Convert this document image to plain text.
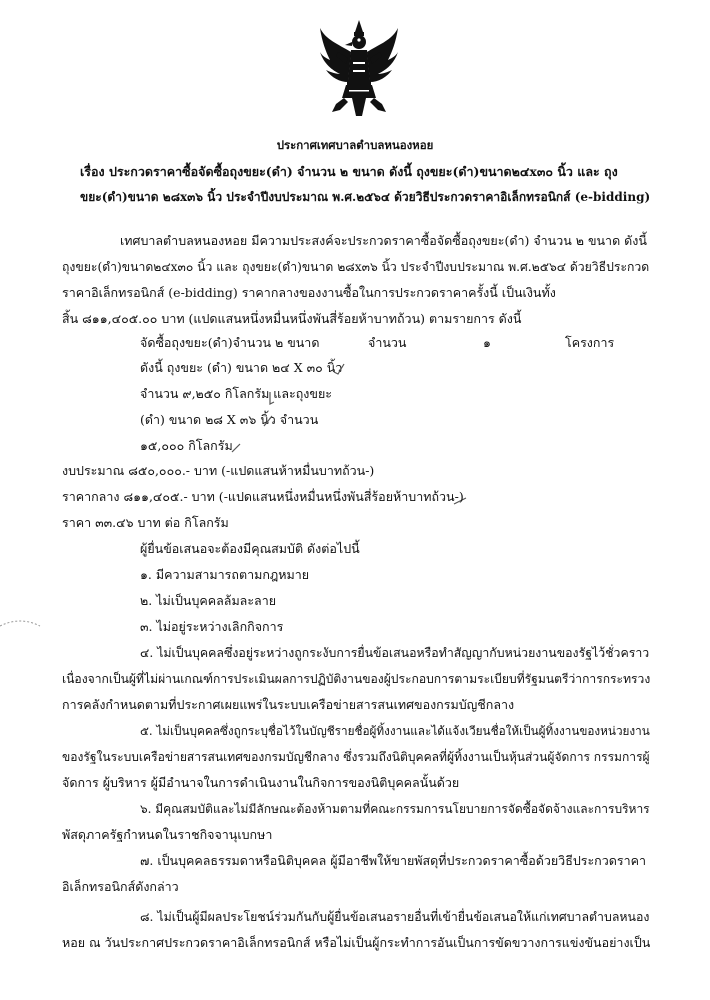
ประกาศเทศบาลตำบลหนองหอย
เรื่อง ประกวดราคาซื้อจัดซื้อถุงขยะ(ดำ) จำนวน ๒ ขนาด ดังนี้ ถุงขยะ(ดำ)ขนาด๒๔x๓๐ นิ้ว และ ถุง
ขยะ(ดำ)ขนาด ๒๘x๓๖ นิ้ว ประจำปีงบประมาณ พ.ศ.๒๕๖๔ ด้วยวิธีประกวดราคาอิเล็กทรอนิกส์ (e-bidding)
เทศบาลตำบลหนองหอย มีความประสงค์จะประกวดราคาซื้อจัดซื้อถุงขยะ(ดำ) จำนวน ๒ ขนาด ดังนี้
ถุงขยะ(ดำ)ขนาด๒๔x๓๐ นิ้ว และ ถุงขยะ(ดำ)ขนาด ๒๘x๓๖ นิ้ว ประจำปีงบประมาณ พ.ศ.๒๕๖๔ ด้วยวิธีประกวด
ราคาอิเล็กทรอนิกส์ (e-bidding) ราคากลางของงานซื้อในการประกวดราคาครั้งนี้ เป็นเงินทั้ง
สิ้น ๘๑๑,๔๐๕.๐๐ บาท (แปดแสนหนึ่งหมื่นหนึ่งพันสี่ร้อยห้าบาทถ้วน) ตามรายการ ดังนี้
จัดซื้อถุงขยะ(ดำ)จำนวน ๒ ขนาด	จำนวน	๑	โครงการ
ดังนี้ ถุงขยะ (ดำ) ขนาด ๒๔ X ๓๐ นิ้ว
จำนวน ๙,๒๕๐ กิโลกรัม และถุงขยะ
(ดำ) ขนาด ๒๘ X ๓๖ นิ้ว จำนวน
๑๕,๐๐๐ กิโลกรัม
งบประมาณ ๘๕๐,๐๐๐.- บาท (-แปดแสนห้าหมื่นบาทถ้วน-)
ราคากลาง ๘๑๑,๔๐๕.- บาท (-แปดแสนหนึ่งหมื่นหนึ่งพันสี่ร้อยห้าบาทถ้วน-)
ราคา ๓๓.๔๖ บาท ต่อ กิโลกรัม
ผู้ยื่นข้อเสนอจะต้องมีคุณสมบัติ ดังต่อไปนี้
๑. มีความสามารถตามกฎหมาย
๒. ไม่เป็นบุคคลล้มละลาย
๓. ไม่อยู่ระหว่างเลิกกิจการ
๔. ไม่เป็นบุคคลซึ่งอยู่ระหว่างถูกระงับการยื่นข้อเสนอหรือทำสัญญากับหน่วยงานของรัฐไว้ชั่วคราว
เนื่องจากเป็นผู้ที่ไม่ผ่านเกณฑ์การประเมินผลการปฏิบัติงานของผู้ประกอบการตามระเบียบที่รัฐมนตรีว่าการกระทรวง
การคลังกำหนดตามที่ประกาศเผยแพร่ในระบบเครือข่ายสารสนเทศของกรมบัญชีกลาง
๕. ไม่เป็นบุคคลซึ่งถูกระบุชื่อไว้ในบัญชีรายชื่อผู้ทิ้งงานและได้แจ้งเวียนชื่อให้เป็นผู้ทิ้งงานของหน่วยงาน
ของรัฐในระบบเครือข่ายสารสนเทศของกรมบัญชีกลาง ซึ่งรวมถึงนิติบุคคลที่ผู้ทิ้งงานเป็นหุ้นส่วนผู้จัดการ กรรมการผู้
จัดการ ผู้บริหาร ผู้มีอำนาจในการดำเนินงานในกิจการของนิติบุคคลนั้นด้วย
๖. มีคุณสมบัติและไม่มีลักษณะต้องห้ามตามที่คณะกรรมการนโยบายการจัดซื้อจัดจ้างและการบริหาร
พัสดุภาครัฐกำหนดในราชกิจจานุเบกษา
๗. เป็นบุคคลธรรมดาหรือนิติบุคคล ผู้มีอาชีพให้ขายพัสดุที่ประกวดราคาซื้อด้วยวิธีประกวดราคา
อิเล็กทรอนิกส์ดังกล่าว
๘. ไม่เป็นผู้มีผลประโยชน์ร่วมกันกับผู้ยื่นข้อเสนอรายอื่นที่เข้ายื่นข้อเสนอให้แก่เทศบาลตำบลหนอง
หอย ณ วันประกาศประกวดราคาอิเล็กทรอนิกส์ หรือไม่เป็นผู้กระทำการอันเป็นการขัดขวางการแข่งขันอย่างเป็น
